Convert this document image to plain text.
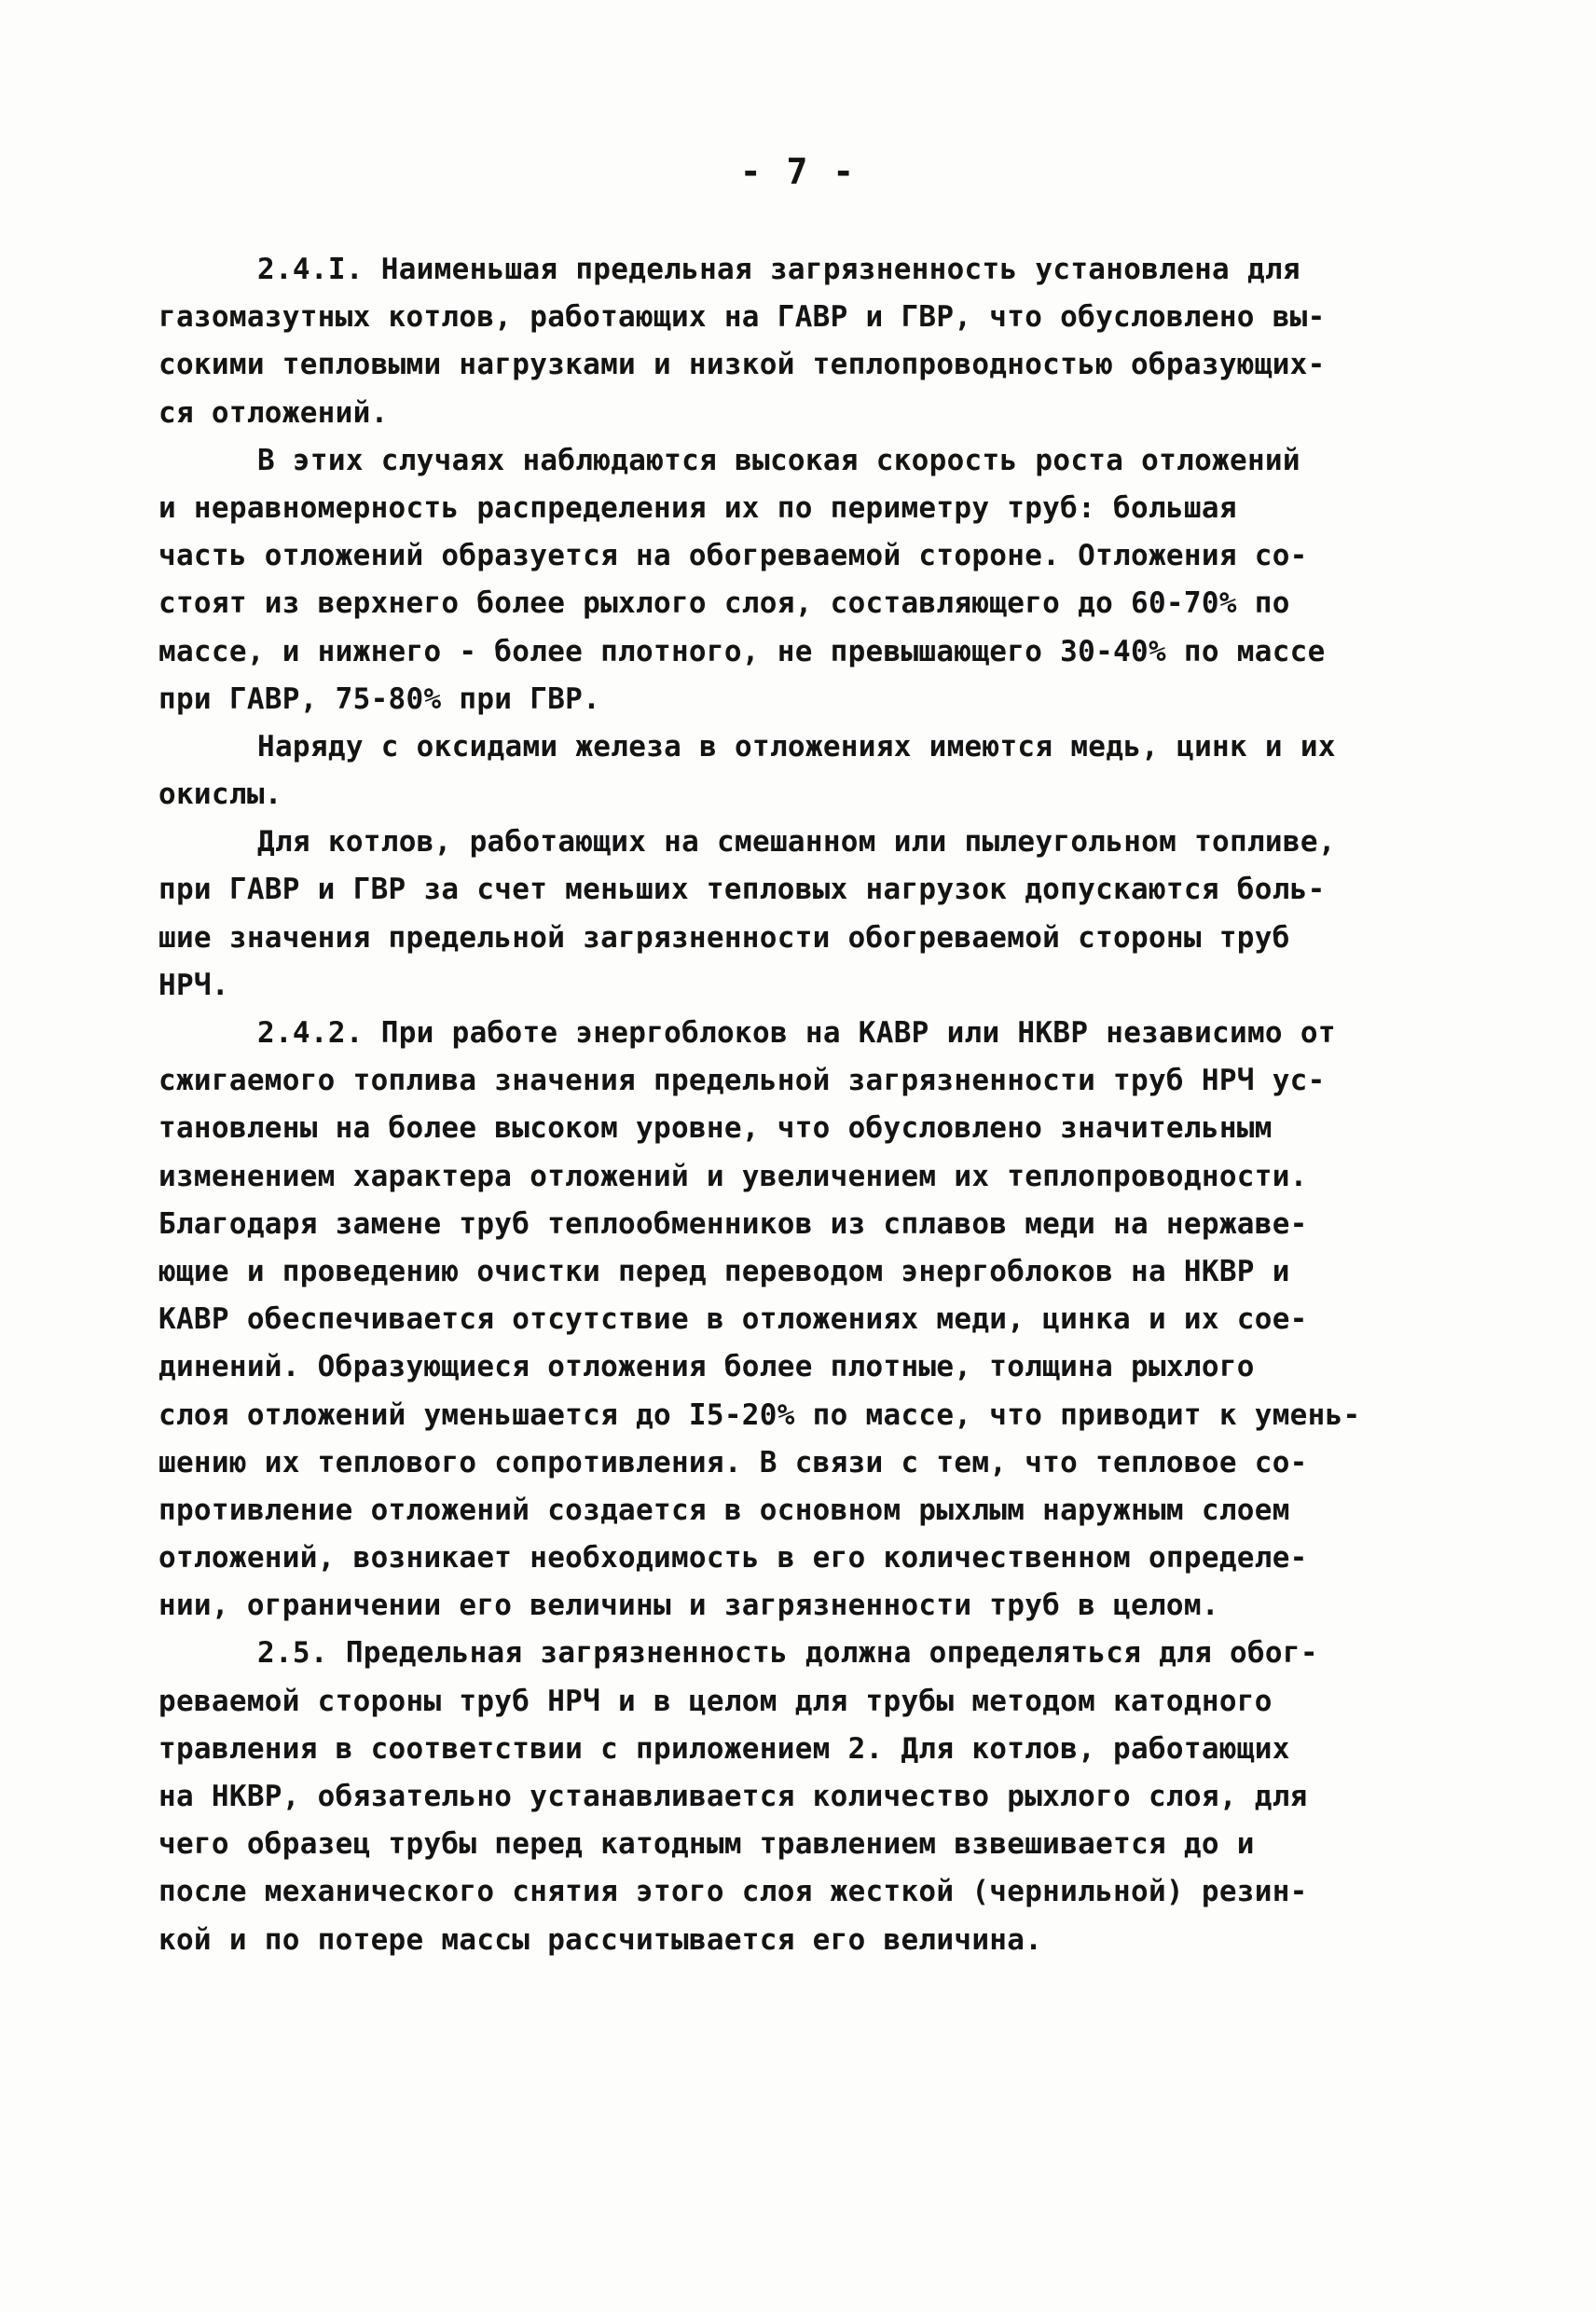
- 7 -
2.4.I. Наименьшая предельная загрязненность установлена для
газомазутных котлов, работающих на ГАВР и ГВР, что обусловлено вы-
сокими тепловыми нагрузками и низкой теплопроводностью образующих-
ся отложений.
В этих случаях наблюдаются высокая скорость роста отложений
и неравномерность распределения их по периметру труб: большая
часть отложений образуется на обогреваемой стороне. Отложения со-
стоят из верхнего более рыхлого слоя, составляющего до 60-70% по
массе, и нижнего - более плотного, не превышающего 30-40% по массе
при ГАВР, 75-80% при ГВР.
Наряду с оксидами железа в отложениях имеются медь, цинк и их
окислы.
Для котлов, работающих на смешанном или пылеугольном топливе,
при ГАВР и ГВР за счет меньших тепловых нагрузок допускаются боль-
шие значения предельной загрязненности обогреваемой стороны труб
НРЧ.
2.4.2. При работе энергоблоков на КАВР или НКВР независимо от
сжигаемого топлива значения предельной загрязненности труб НРЧ ус-
тановлены на более высоком уровне, что обусловлено значительным
изменением характера отложений и увеличением их теплопроводности.
Благодаря замене труб теплообменников из сплавов меди на нержаве-
ющие и проведению очистки перед переводом энергоблоков на НКВР и
КАВР обеспечивается отсутствие в отложениях меди, цинка и их сое-
динений. Образующиеся отложения более плотные, толщина рыхлого
слоя отложений уменьшается до I5-20% по массе, что приводит к умень-
шению их теплового сопротивления. В связи с тем, что тепловое со-
противление отложений создается в основном рыхлым наружным слоем
отложений, возникает необходимость в его количественном определе-
нии, ограничении его величины и загрязненности труб в целом.
2.5. Предельная загрязненность должна определяться для обог-
реваемой стороны труб НРЧ и в целом для трубы методом катодного
травления в соответствии с приложением 2. Для котлов, работающих
на НКВР, обязательно устанавливается количество рыхлого слоя, для
чего образец трубы перед катодным травлением взвешивается до и
после механического снятия этого слоя жесткой (чернильной) резин-
кой и по потере массы рассчитывается его величина.
